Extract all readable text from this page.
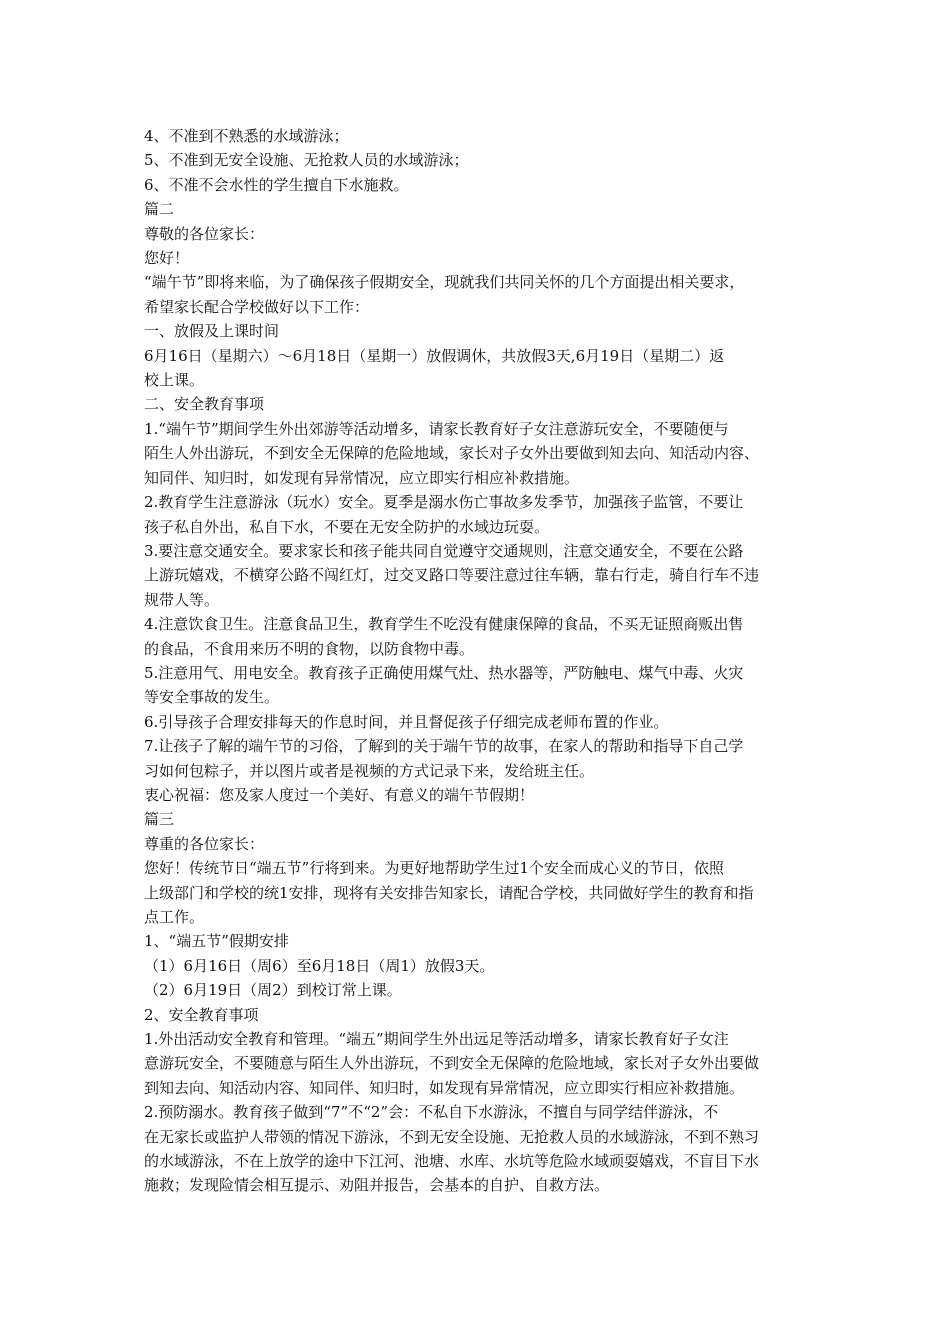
4、不准到不熟悉的水域游泳；

5、不准到无安全设施、无抢救人员的水域游泳；

6、不准不会水性的学生擅自下水施救。

篇二

尊敬的各位家长：

您好！

“端午节”即将来临，为了确保孩子假期安全，现就我们共同关怀的几个方面提出相关要求，
希望家长配合学校做好以下工作：

一、放假及上课时间

6月16日（星期六）～6月18日（星期一）放假调休，共放假3天,6月19日（星期二）返
校上课。

二、安全教育事项

1.“端午节”期间学生外出郊游等活动增多，请家长教育好子女注意游玩安全，不要随便与
陌生人外出游玩，不到安全无保障的危险地域，家长对子女外出要做到知去向、知活动内容、
知同伴、知归时，如发现有异常情况，应立即实行相应补救措施。

2.教育学生注意游泳（玩水）安全。夏季是溺水伤亡事故多发季节，加强孩子监管，不要让
孩子私自外出，私自下水，不要在无安全防护的水域边玩耍。

3.要注意交通安全。要求家长和孩子能共同自觉遵守交通规则，注意交通安全，不要在公路
上游玩嬉戏，不横穿公路不闯红灯，过交叉路口等要注意过往车辆，靠右行走，骑自行车不违
规带人等。

4.注意饮食卫生。注意食品卫生，教育学生不吃没有健康保障的食品，不买无证照商贩出售
的食品，不食用来历不明的食物，以防食物中毒。

5.注意用气、用电安全。教育孩子正确使用煤气灶、热水器等，严防触电、煤气中毒、火灾
等安全事故的发生。

6.引导孩子合理安排每天的作息时间，并且督促孩子仔细完成老师布置的作业。

7.让孩子了解的端午节的习俗，了解到的关于端午节的故事，在家人的帮助和指导下自己学
习如何包粽子，并以图片或者是视频的方式记录下来，发给班主任。

衷心祝福：您及家人度过一个美好、有意义的端午节假期！

篇三

尊重的各位家长：

您好！传统节日“端五节”行将到来。为更好地帮助学生过1个安全而成心义的节日，依照
上级部门和学校的统1安排，现将有关安排告知家长，请配合学校，共同做好学生的教育和指
点工作。

1、“端五节”假期安排

（1）6月16日（周6）至6月18日（周1）放假3天。

（2）6月19日（周2）到校订常上课。

2、安全教育事项

1.外出活动安全教育和管理。“端五”期间学生外出远足等活动增多，请家长教育好子女注
意游玩安全，不要随意与陌生人外出游玩，不到安全无保障的危险地域，家长对子女外出要做
到知去向、知活动内容、知同伴、知归时，如发现有异常情况，应立即实行相应补救措施。

2.预防溺水。教育孩子做到“7”不“2”会：不私自下水游泳，不擅自与同学结伴游泳，不
在无家长或监护人带领的情况下游泳，不到无安全设施、无抢救人员的水域游泳，不到不熟习
的水域游泳，不在上放学的途中下江河、池塘、水库、水坑等危险水域顽耍嬉戏，不盲目下水
施救；发现险情会相互提示、劝阻并报告，会基本的自护、自救方法。
